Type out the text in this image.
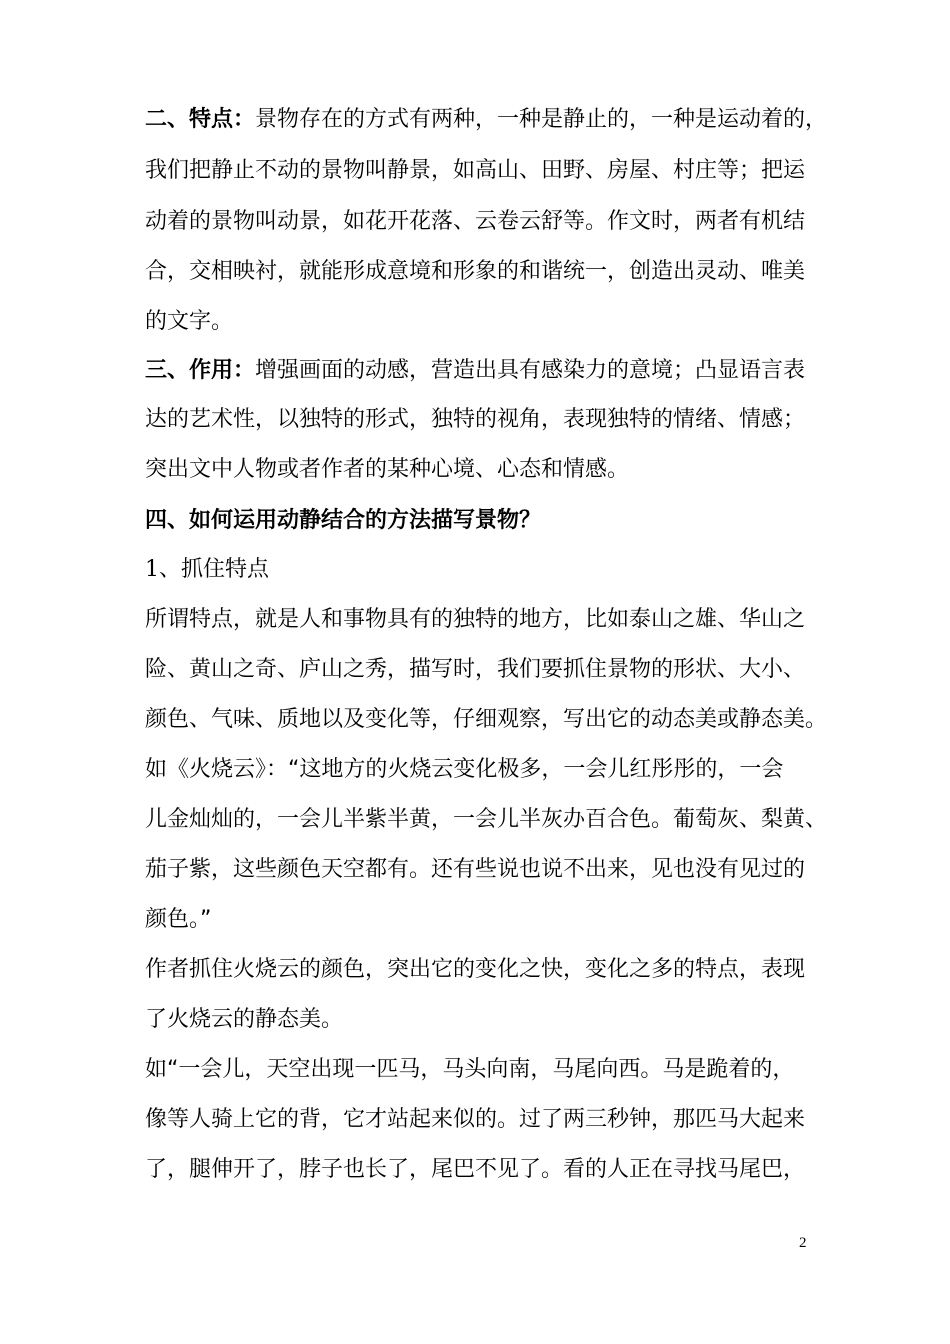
二、特点：景物存在的方式有两种，一种是静止的，一种是运动着的，
我们把静止不动的景物叫静景，如高山、田野、房屋、村庄等；把运
动着的景物叫动景，如花开花落、云卷云舒等。作文时，两者有机结
合，交相映衬，就能形成意境和形象的和谐统一，创造出灵动、唯美
的文字。
三、作用：增强画面的动感，营造出具有感染力的意境；凸显语言表
达的艺术性，以独特的形式，独特的视角，表现独特的情绪、情感；
突出文中人物或者作者的某种心境、心态和情感。
四、如何运用动静结合的方法描写景物？
1、抓住特点
所谓特点，就是人和事物具有的独特的地方，比如泰山之雄、华山之
险、黄山之奇、庐山之秀，描写时，我们要抓住景物的形状、大小、
颜色、气味、质地以及变化等，仔细观察，写出它的动态美或静态美。
如《火烧云》：“这地方的火烧云变化极多，一会儿红彤彤的，一会
儿金灿灿的，一会儿半紫半黄，一会儿半灰办百合色。葡萄灰、梨黄、
茄子紫，这些颜色天空都有。还有些说也说不出来，见也没有见过的
颜色。”
作者抓住火烧云的颜色，突出它的变化之快，变化之多的特点，表现
了火烧云的静态美。
如“一会儿，天空出现一匹马，马头向南，马尾向西。马是跪着的，
像等人骑上它的背，它才站起来似的。过了两三秒钟，那匹马大起来
了，腿伸开了，脖子也长了，尾巴不见了。看的人正在寻找马尾巴，
2
